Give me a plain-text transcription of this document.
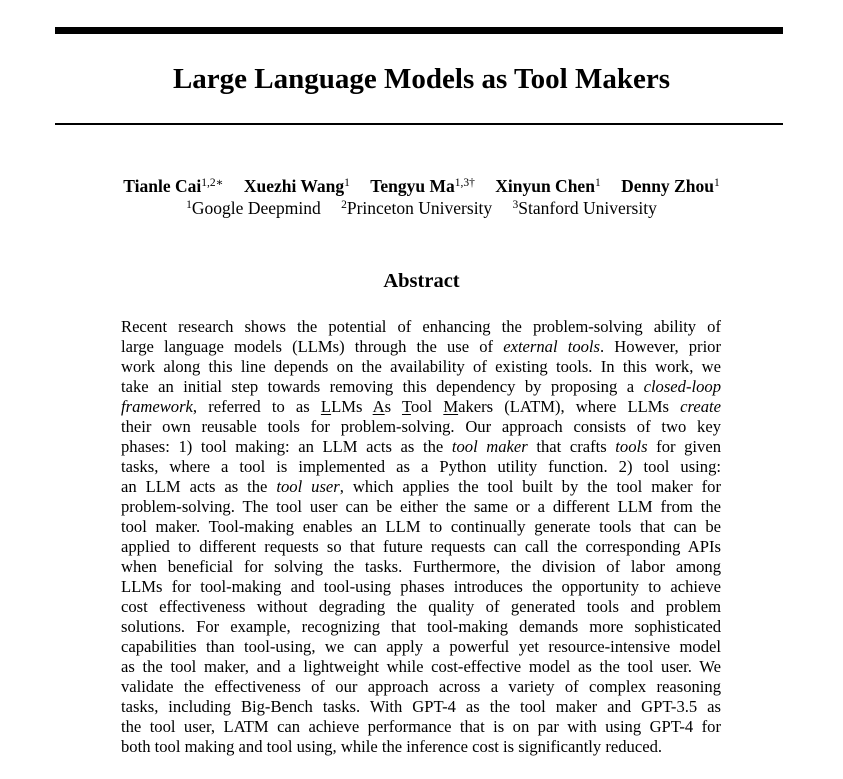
Large Language Models as Tool Makers
Tianle Cai$^{1,2∗}$ Xuezhi Wang$^1$ Tengyu $Ma^{1,3\dagger}$ Xinyun Chen$^1$ Denny Zhou$^1$
$^1$Google Deepmind $^2$Princeton University $^3$Stanford University
Abstract
Recent research shows the potential of enhancing the problem-solving ability of
large language models (LLMs) through the use of external tools. However, prior
work along this line depends on the availability of existing tools. In this work, we
take an initial step towards removing this dependency by proposing a closed-loop
framework, referred to as LLMs As Tool Makers (LATM), where LLMs create
their own reusable tools for problem-solving. Our approach consists of two key
phases: 1) tool making: an LLM acts as the tool maker that crafts tools for given
tasks, where a tool is implemented as a Python utility function. 2) tool using:
an LLM acts as the tool user, which applies the tool built by the tool maker for
problem-solving. The tool user can be either the same or a different LLM from the
tool maker. Tool-making enables an LLM to continually generate tools that can be
applied to different requests so that future requests can call the corresponding APIs
when beneficial for solving the tasks. Furthermore, the division of labor among
LLMs for tool-making and tool-using phases introduces the opportunity to achieve
cost effectiveness without degrading the quality of generated tools and problem
solutions. For example, recognizing that tool-making demands more sophisticated
capabilities than tool-using, we can apply a powerful yet resource-intensive model
as the tool maker, and a lightweight while cost-effective model as the tool user. We
validate the effectiveness of our approach across a variety of complex reasoning
tasks, including Big-Bench tasks. With GPT-4 as the tool maker and GPT-3.5 as
the tool user, LATM can achieve performance that is on par with using GPT-4 for
both tool making and tool using, while the inference cost is significantly reduced.
